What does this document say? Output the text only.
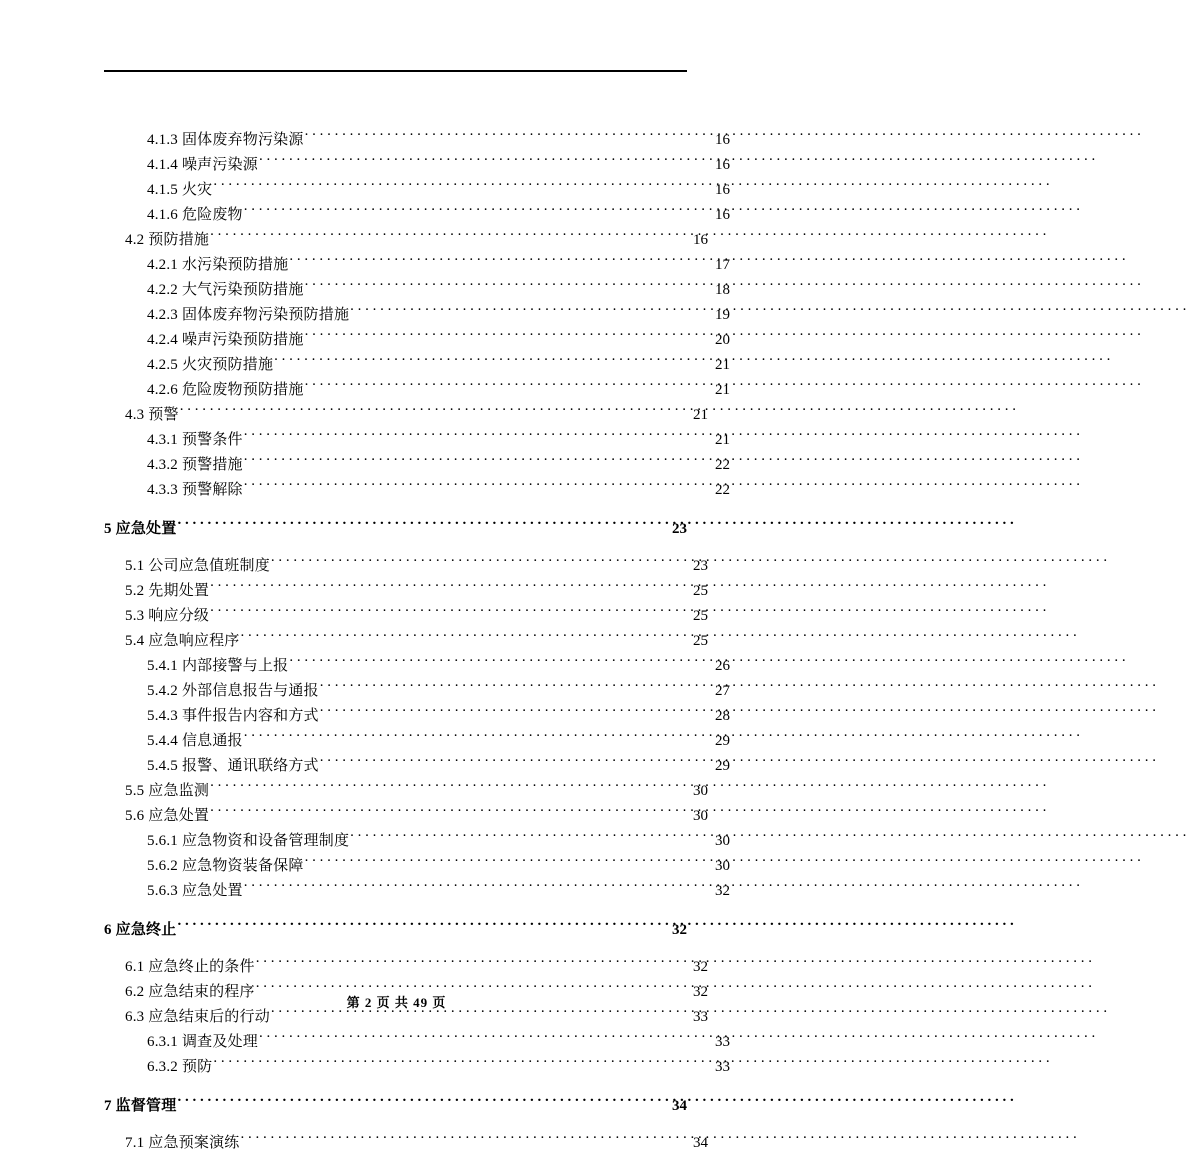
4.1.3 固体废弃物污染源 . . .	16
4.1.4 噪声污染源 . . .	16
4.1.5 火灾 . . .	16
4.1.6 危险废物 . . .	16
4.2 预防措施 . . .	16
4.2.1 水污染预防措施 . . .	17
4.2.2 大气污染预防措施 . . .	18
4.2.3 固体废弃物污染预防措施 . . .	19
4.2.4 噪声污染预防措施 . . .	20
4.2.5 火灾预防措施 . . .	21
4.2.6 危险废物预防措施 . . .	21
4.3 预警 . . .	21
4.3.1 预警条件 . . .	21
4.3.2 预警措施 . . .	22
4.3.3 预警解除 . . .	22
5 应急处置 . . .	23
5.1 公司应急值班制度 . . .	23
5.2 先期处置 . . .	25
5.3 响应分级 . . .	25
5.4 应急响应程序 . . .	25
5.4.1 内部接警与上报 . . .	26
5.4.2 外部信息报告与通报 . . .	27
5.4.3 事件报告内容和方式 . . .	28
5.4.4 信息通报 . . .	29
5.4.5 报警、通讯联络方式 . . .	29
5.5 应急监测 . . .	30
5.6 应急处置 . . .	30
5.6.1 应急物资和设备管理制度 . . .	30
5.6.2 应急物资装备保障 . . .	30
5.6.3 应急处置 . . .	32
6 应急终止 . . .	32
6.1 应急终止的条件 . . .	32
6.2 应急结束的程序 . . .	32
6.3 应急结束后的行动 . . .	33
6.3.1 调查及处理 . . .	33
6.3.2 预防 . . .	33
7 监督管理 . . .	34
7.1 应急预案演练 . . .	34
第 2 页 共 49 页
